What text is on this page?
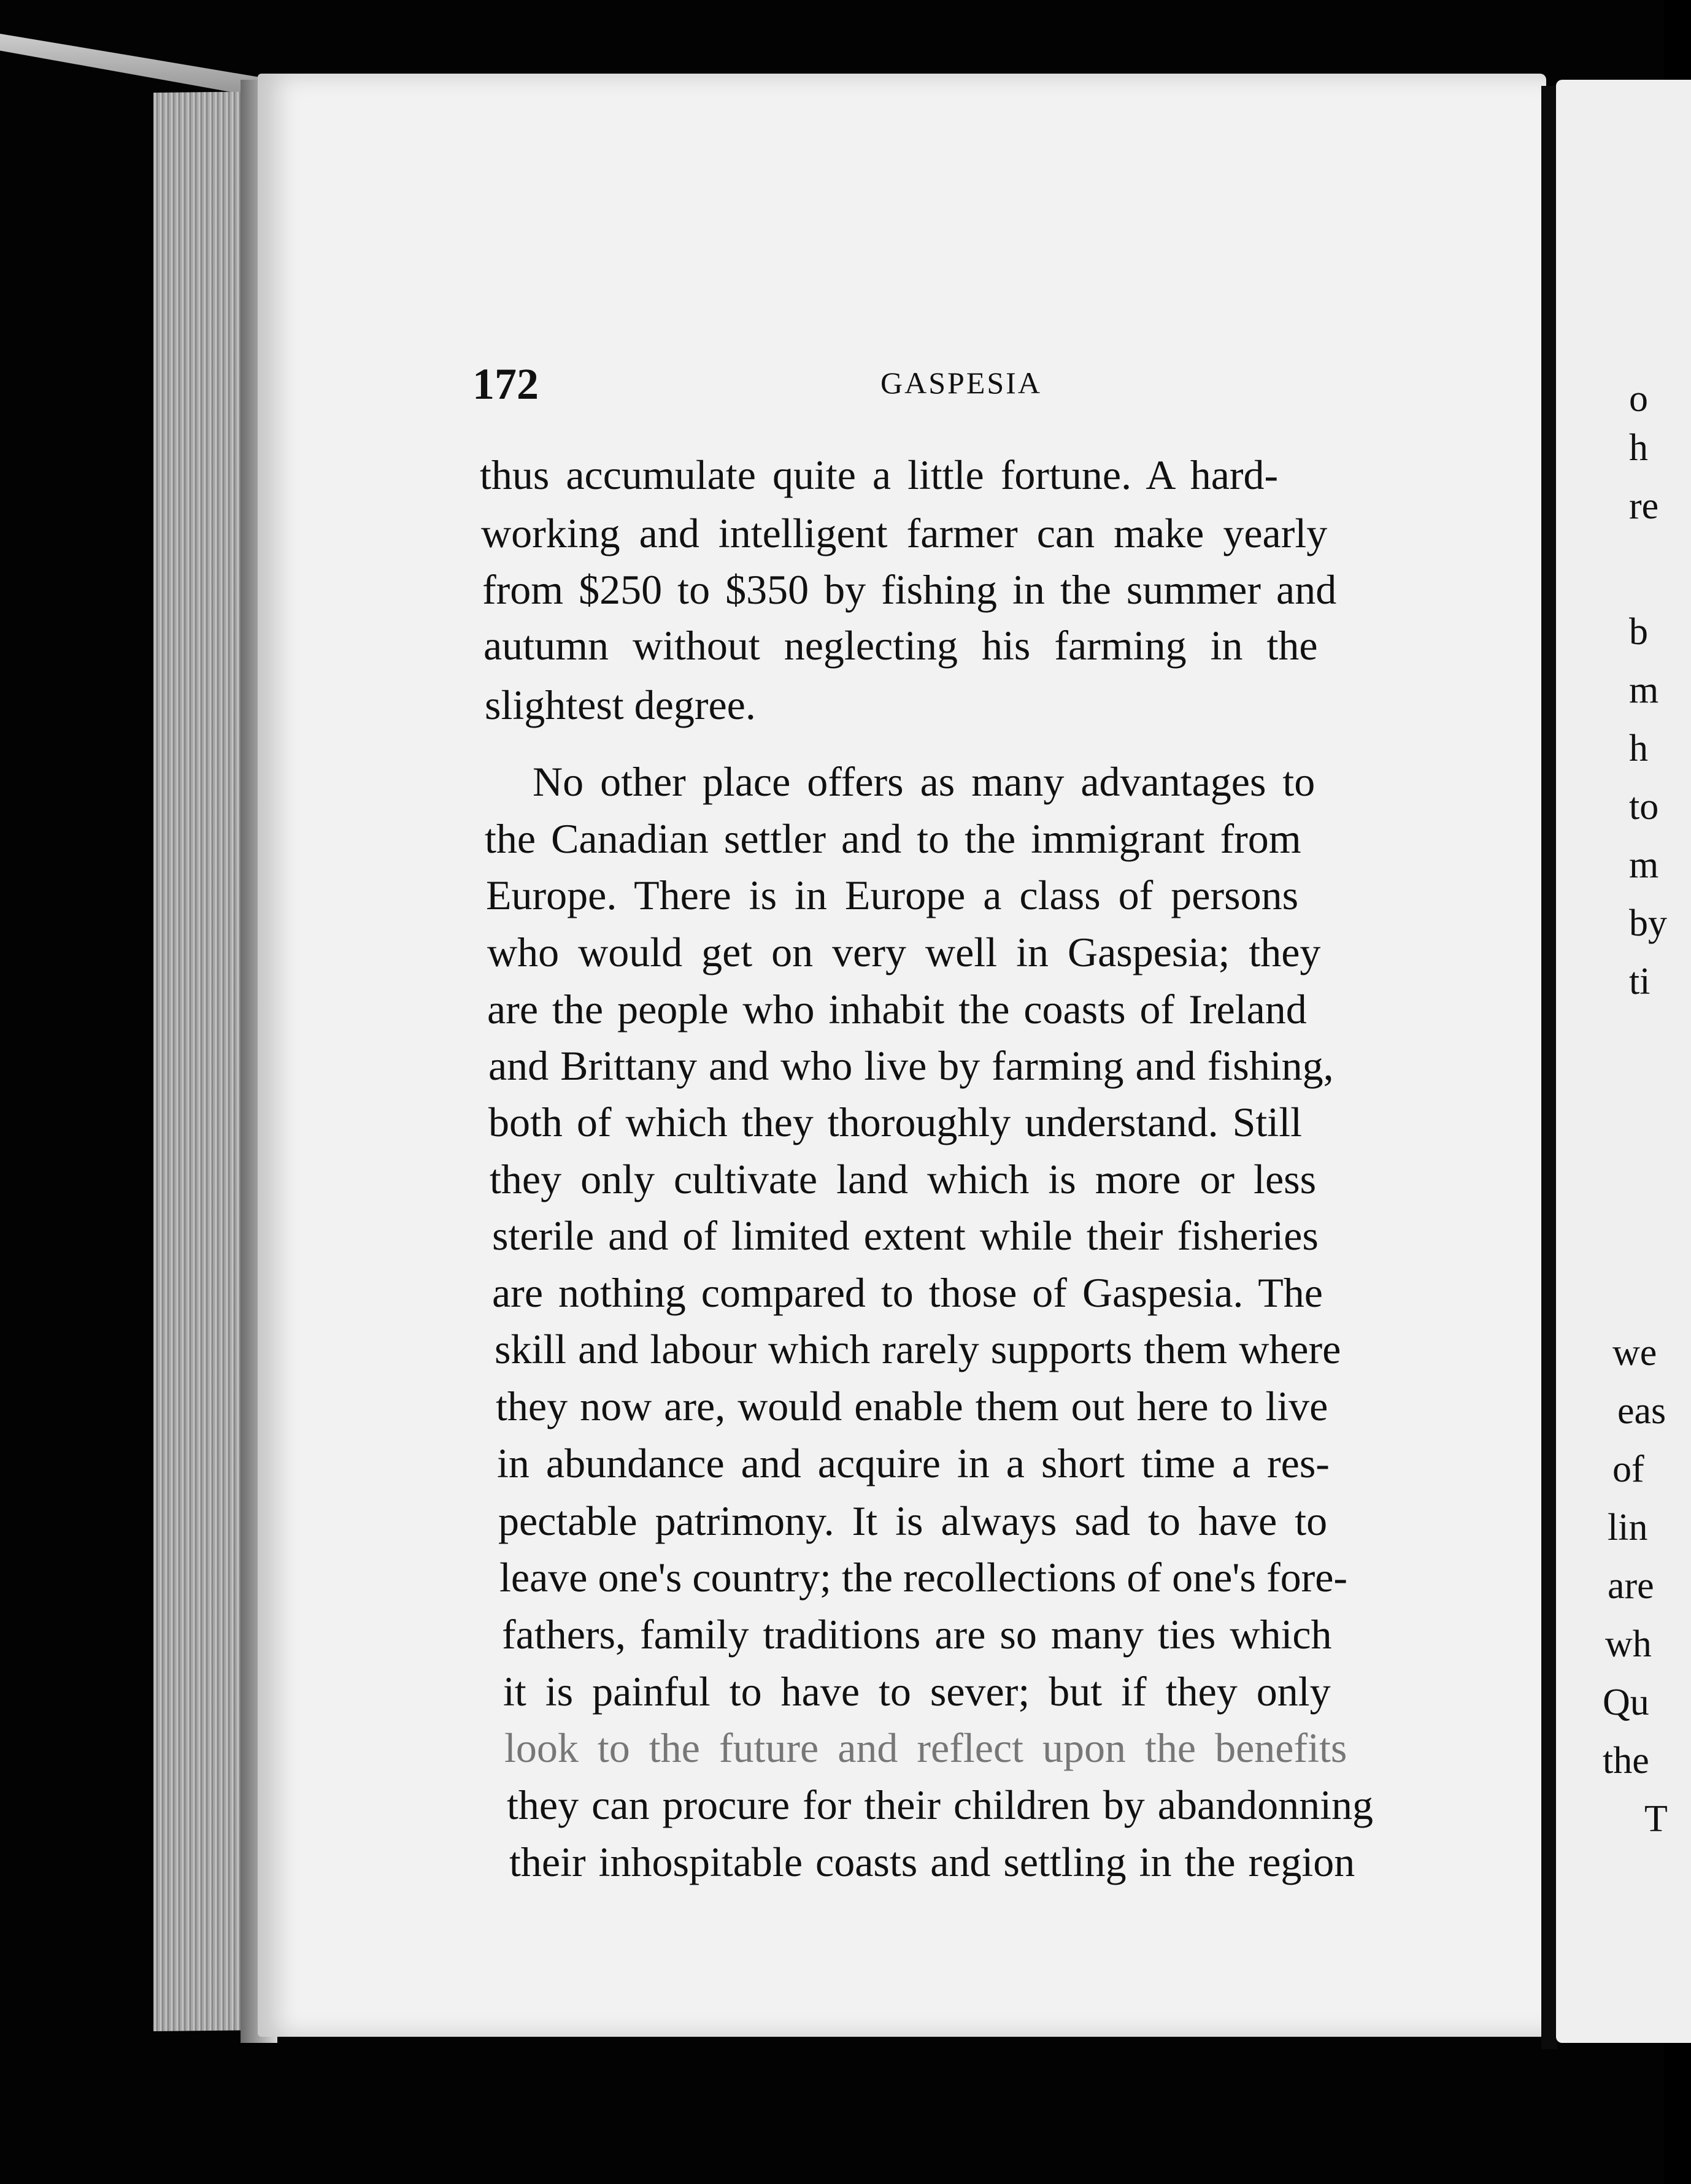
172	GASPESIA
thus accumulate quite a little fortune. A hard-
working and intelligent farmer can make yearly
from $250 to $350 by fishing in the summer and
autumn without neglecting his farming in the
slightest degree.
No other place offers as many advantages to
the Canadian settler and to the immigrant from
Europe. There is in Europe a class of persons
who would get on very well in Gaspesia; they
are the people who inhabit the coasts of Ireland
and Brittany and who live by farming and fishing,
both of which they thoroughly understand. Still
they only cultivate land which is more or less
sterile and of limited extent while their fisheries
are nothing compared to those of Gaspesia. The
skill and labour which rarely supports them where
they now are, would enable them out here to live
in abundance and acquire in a short time a res-
pectable patrimony. It is always sad to have to
leave one's country; the recollections of one's fore-
fathers, family traditions are so many ties which
it is painful to have to sever; but if they only
look to the future and reflect upon the benefits
they can procure for their children by abandonning
their inhospitable coasts and settling in the region
o
h
re
b
m
h
to
m
by
ti
we
eas
of
lin
are
wh
Qu
the
T
